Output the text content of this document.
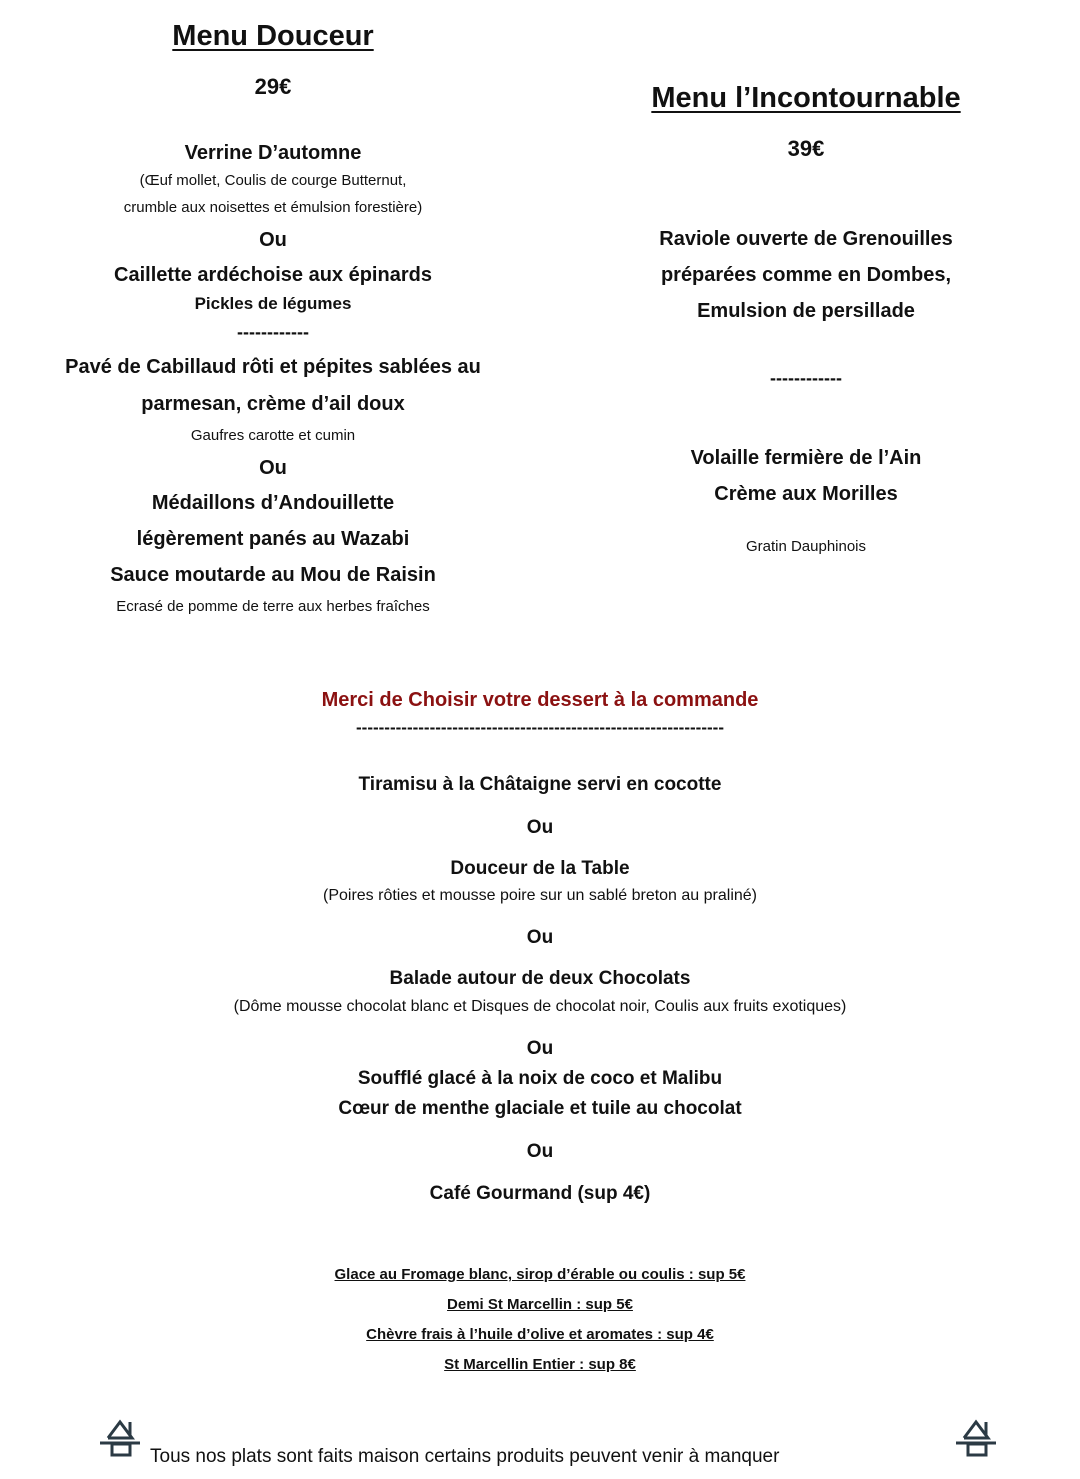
Menu Douceur
29€
Verrine D’automne
(Œuf mollet, Coulis de courge Butternut,
crumble aux noisettes et émulsion forestière)
Ou
Caillette ardéchoise aux épinards
Pickles de légumes
------------
Pavé de Cabillaud rôti et pépites sablées au
parmesan, crème d’ail doux
Gaufres carotte et cumin
Ou
Médaillons d’Andouillette
légèrement panés au Wazabi
Sauce moutarde au Mou de Raisin
Ecrasé de pomme de terre aux herbes fraîches
Menu l’Incontournable
39€
Raviole ouverte de Grenouilles
préparées comme en Dombes,
Emulsion de persillade
------------
Volaille fermière de l’Ain
Crème aux Morilles
Gratin Dauphinois
Merci de Choisir votre dessert à la commande
-----------------------------------------------------------------
Tiramisu à la Châtaigne servi en cocotte
Ou
Douceur de la Table
(Poires rôties et mousse poire sur un sablé breton au praliné)
Ou
Balade autour de deux Chocolats
(Dôme mousse chocolat blanc et Disques de chocolat noir, Coulis aux fruits exotiques)
Ou
Soufflé glacé à la noix de coco et Malibu
Cœur de menthe glaciale et tuile au chocolat
Ou
Café Gourmand (sup 4€)
Glace au Fromage blanc, sirop d’érable ou coulis : sup 5€
Demi St Marcellin : sup 5€
Chèvre frais à l’huile d’olive et aromates : sup 4€
St Marcellin Entier : sup 8€
Tous nos plats sont faits maison certains produits peuvent venir à manquer
